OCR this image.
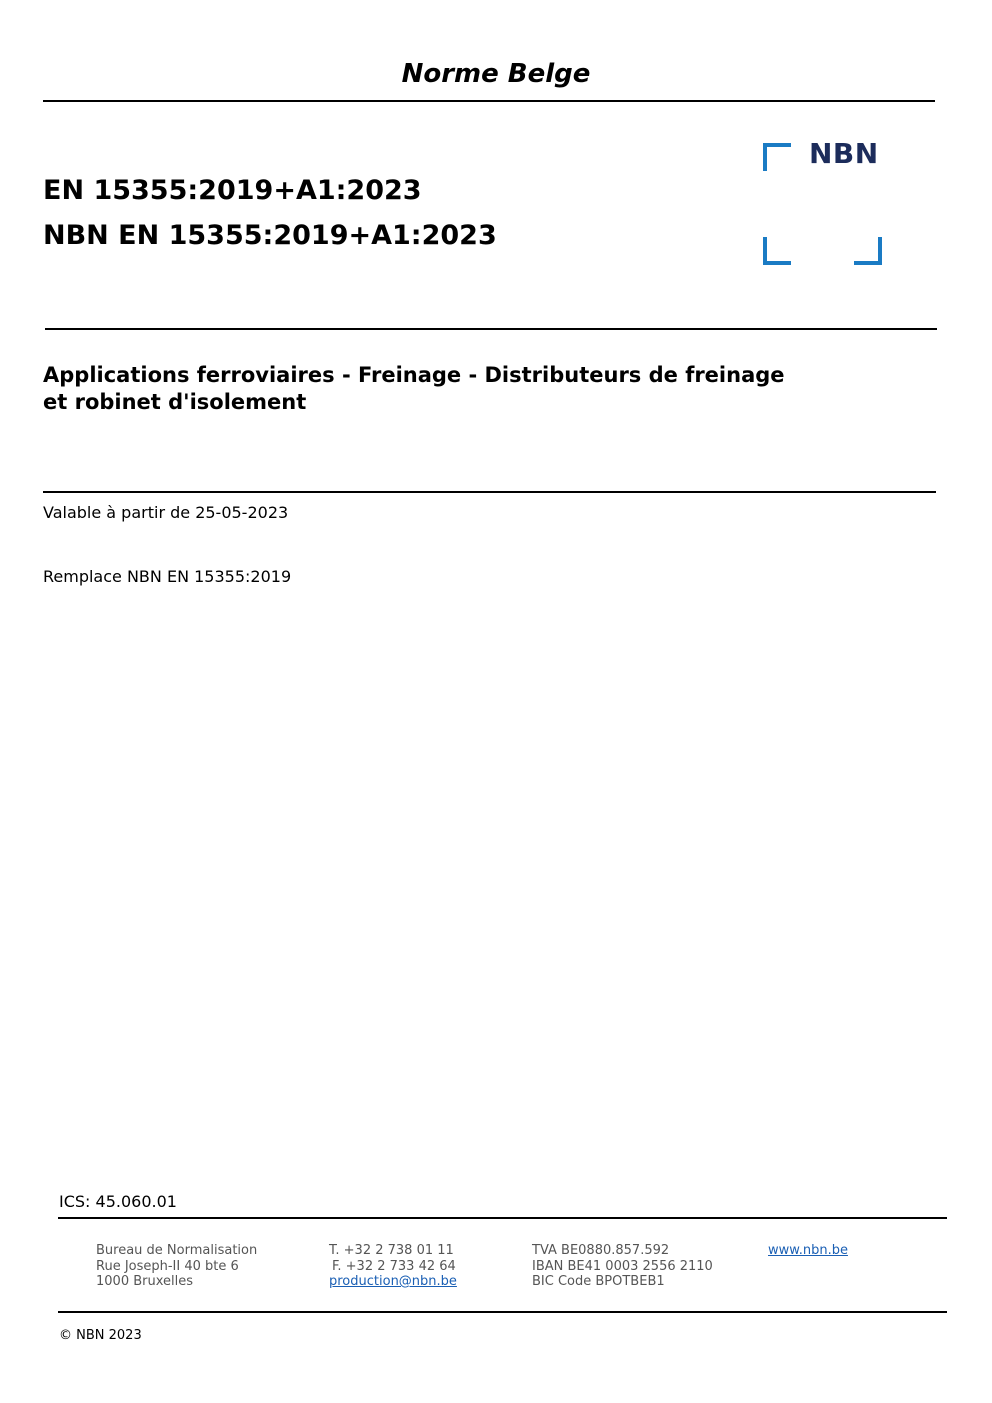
Norme Belge
EN 15355:2019+A1:2023
NBN EN 15355:2019+A1:2023
NBN
Applications ferroviaires - Freinage - Distributeurs de freinage
et robinet d'isolement
Valable à partir de 25-05-2023
Remplace NBN EN 15355:2019
ICS: 45.060.01
Bureau de Normalisation
Rue Joseph-II 40 bte 6
1000 Bruxelles
T. +32 2 738 01 11
F. +32 2 733 42 64
production@nbn.be
TVA BE0880.857.592
IBAN BE41 0003 2556 2110
BIC Code BPOTBEB1
www.nbn.be
© NBN 2023
